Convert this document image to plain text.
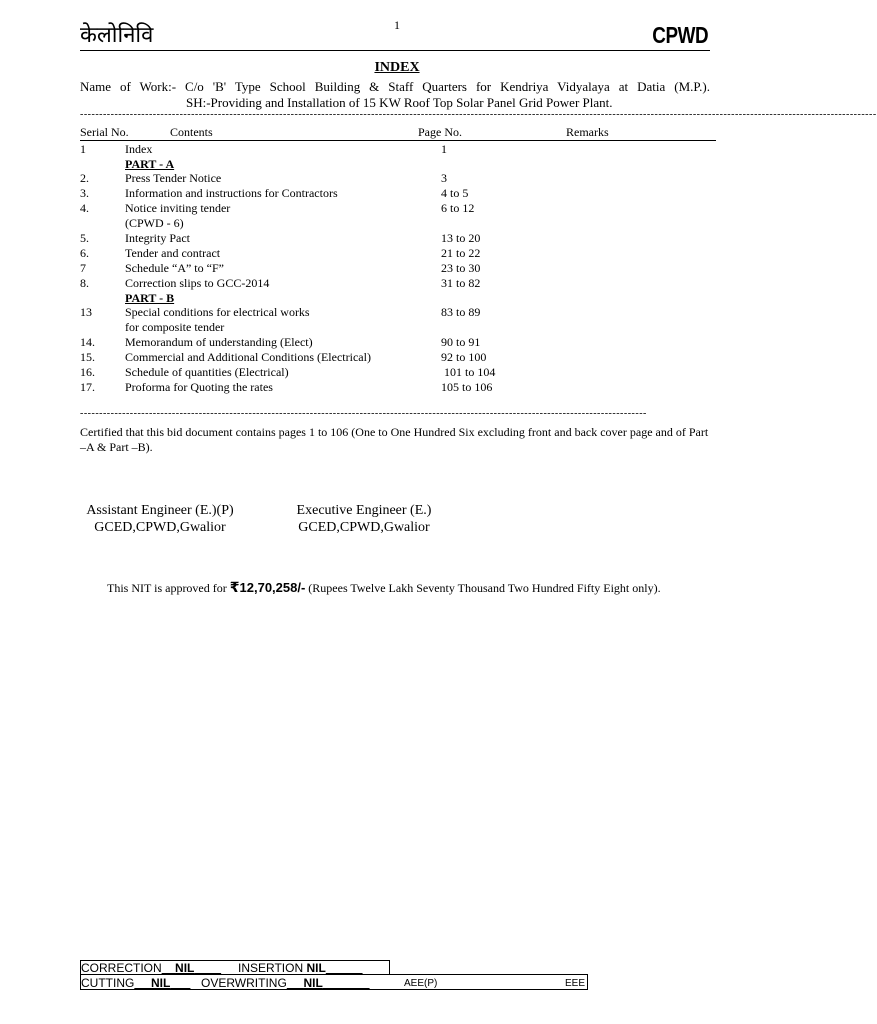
केलोनिवि	1	CPWD
INDEX
Name of Work:- C/o 'B' Type School Building & Staff Quarters for Kendriya Vidyalaya at Datia (M.P.).
SH:-Providing and Installation of 15 KW Roof Top Solar Panel Grid Power Plant.
----------------------------------------------------------------------------------------------------------------------------------------------------------------------------------------------------------------
Serial No.	Contents	Page No.	Remarks
1	Index	1
PART - A
2.	Press Tender Notice	3
3.	Information and instructions for Contractors	4 to 5
4.	Notice inviting tender	6 to 12
(CPWD - 6)
5.	Integrity Pact	13 to 20
6.	Tender and contract	21 to 22
7	Schedule “A” to “F”	23 to 30
8.	Correction slips to GCC-2014	31 to 82
PART - B
13	Special conditions for electrical works	83 to 89
for composite tender
14.	Memorandum of understanding (Elect)	90 to 91
15.	Commercial and Additional Conditions (Electrical)	92 to 100
16.	Schedule of quantities (Electrical)	101 to 104
17.	Proforma for Quoting the rates	105 to 106
----------------------------------------------------------------------------------------------------------------------------------------------------
Certified that this bid document contains pages 1 to 106 (One to One Hundred Six excluding front and back cover page and of Part –A & Part –B).
Assistant Engineer (E.)(P)
GCED,CPWD,Gwalior
Executive Engineer (E.)
GCED,CPWD,Gwalior
This NIT is approved for ₹12,70,258/- (Rupees Twelve Lakh Seventy Thousand Two Hundred Fifty Eight only).
CORRECTION__NIL____ INSERTION NIL _____
CUTTING __NIL___ OVERWRITING __NIL_______	AEE(P)	EEE
